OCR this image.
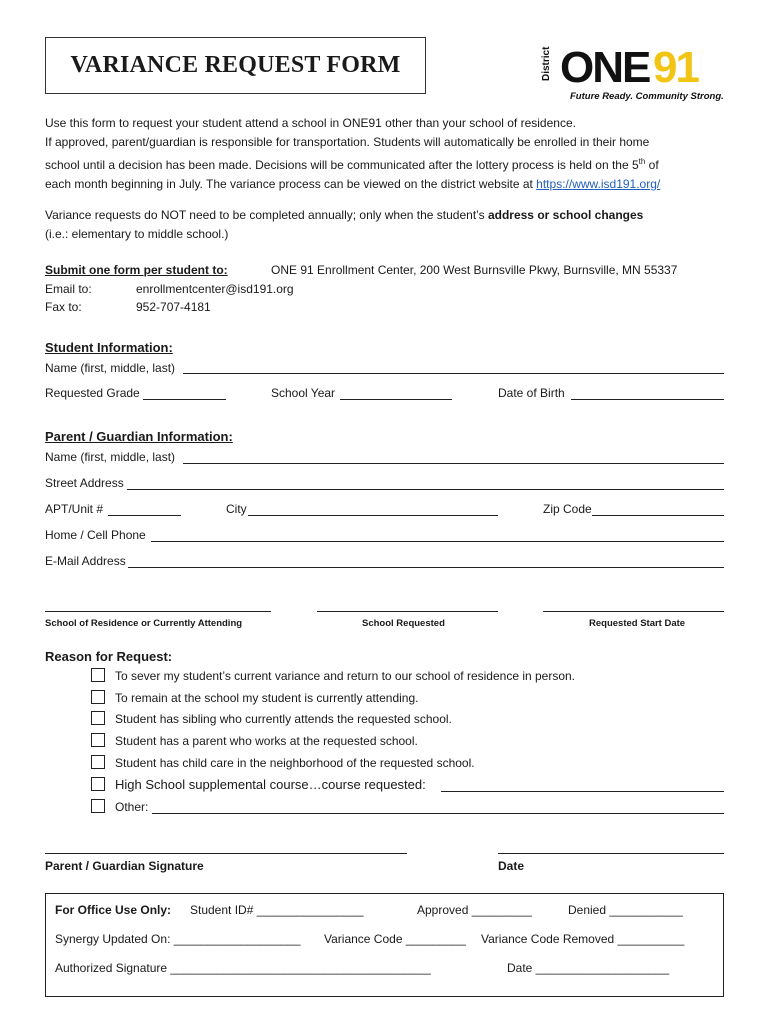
VARIANCE REQUEST FORM	District ONE 91
Future Ready. Community Strong.
Use this form to request your student attend a school in ONE91 other than your school of residence.
If approved, parent/guardian is responsible for transportation. Students will automatically be enrolled in their home
school until a decision has been made. Decisions will be communicated after the lottery process is held on the 5th of
each month beginning in July. The variance process can be viewed on the district website at https://www.isd191.org/
Variance requests do NOT need to be completed annually; only when the student’s address or school changes
(i.e.: elementary to middle school.)
Submit one form per student to:	ONE 91 Enrollment Center, 200 West Burnsville Pkwy, Burnsville, MN 55337
Email to:	enrollmentcenter@isd191.org
Fax to:	952-707-4181
Student Information:
Name (first, middle, last)
Requested Grade	School Year	Date of Birth
Parent / Guardian Information:
Name (first, middle, last)
Street Address
APT/Unit #	City	Zip Code
Home / Cell Phone
E-Mail Address
School of Residence or Currently Attending	School Requested	Requested Start Date
Reason for Request:
To sever my student’s current variance and return to our school of residence in person.
To remain at the school my student is currently attending.
Student has sibling who currently attends the requested school.
Student has a parent who works at the requested school.
Student has child care in the neighborhood of the requested school.
High School supplemental course…course requested:
Other:
Parent / Guardian Signature	Date
For Office Use Only: Student ID# ________________	Approved _________	Denied ___________
Synergy Updated On: ___________________ Variance Code _________ Variance Code Removed __________
Authorized Signature _______________________________________	Date ____________________
